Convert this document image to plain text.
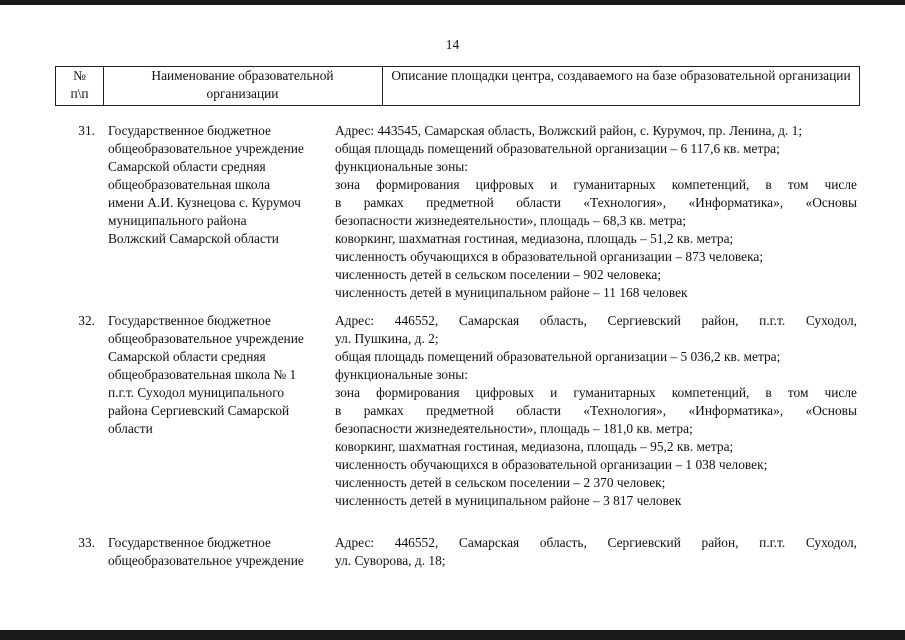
14
№
п\п
Наименование образовательной
организации
Описание площадки центра, создаваемого на базе образовательной организации
31. Государственное бюджетное
общеобразовательное учреждение
Самарской области средняя
общеобразовательная школа
имени А.И. Кузнецова с. Курумоч
муниципального района
Волжский Самарской области
Адрес: 443545, Самарская область, Волжский район, с. Курумоч, пр. Ленина, д. 1;
общая площадь помещений образовательной организации – 6 117,6 кв. метра;
функциональные зоны:
зона формирования цифровых и гуманитарных компетенций, в том числе
в рамках предметной области «Технология», «Информатика», «Основы
безопасности жизнедеятельности», площадь – 68,3 кв. метра;
коворкинг, шахматная гостиная, медиазона, площадь – 51,2 кв. метра;
численность обучающихся в образовательной организации – 873 человека;
численность детей в сельском поселении – 902 человека;
численность детей в муниципальном районе – 11 168 человек
32. Государственное бюджетное
общеобразовательное учреждение
Самарской области средняя
общеобразовательная школа № 1
п.г.т. Суходол муниципального
района Сергиевский Самарской
области
Адрес: 446552, Самарская область, Сергиевский район, п.г.т. Суходол,
ул. Пушкина, д. 2;
общая площадь помещений образовательной организации – 5 036,2 кв. метра;
функциональные зоны:
зона формирования цифровых и гуманитарных компетенций, в том числе
в рамках предметной области «Технология», «Информатика», «Основы
безопасности жизнедеятельности», площадь – 181,0 кв. метра;
коворкинг, шахматная гостиная, медиазона, площадь – 95,2 кв. метра;
численность обучающихся в образовательной организации – 1 038 человек;
численность детей в сельском поселении – 2 370 человек;
численность детей в муниципальном районе – 3 817 человек
33. Государственное бюджетное
общеобразовательное учреждение
Адрес: 446552, Самарская область, Сергиевский район, п.г.т. Суходол,
ул. Суворова, д. 18;
